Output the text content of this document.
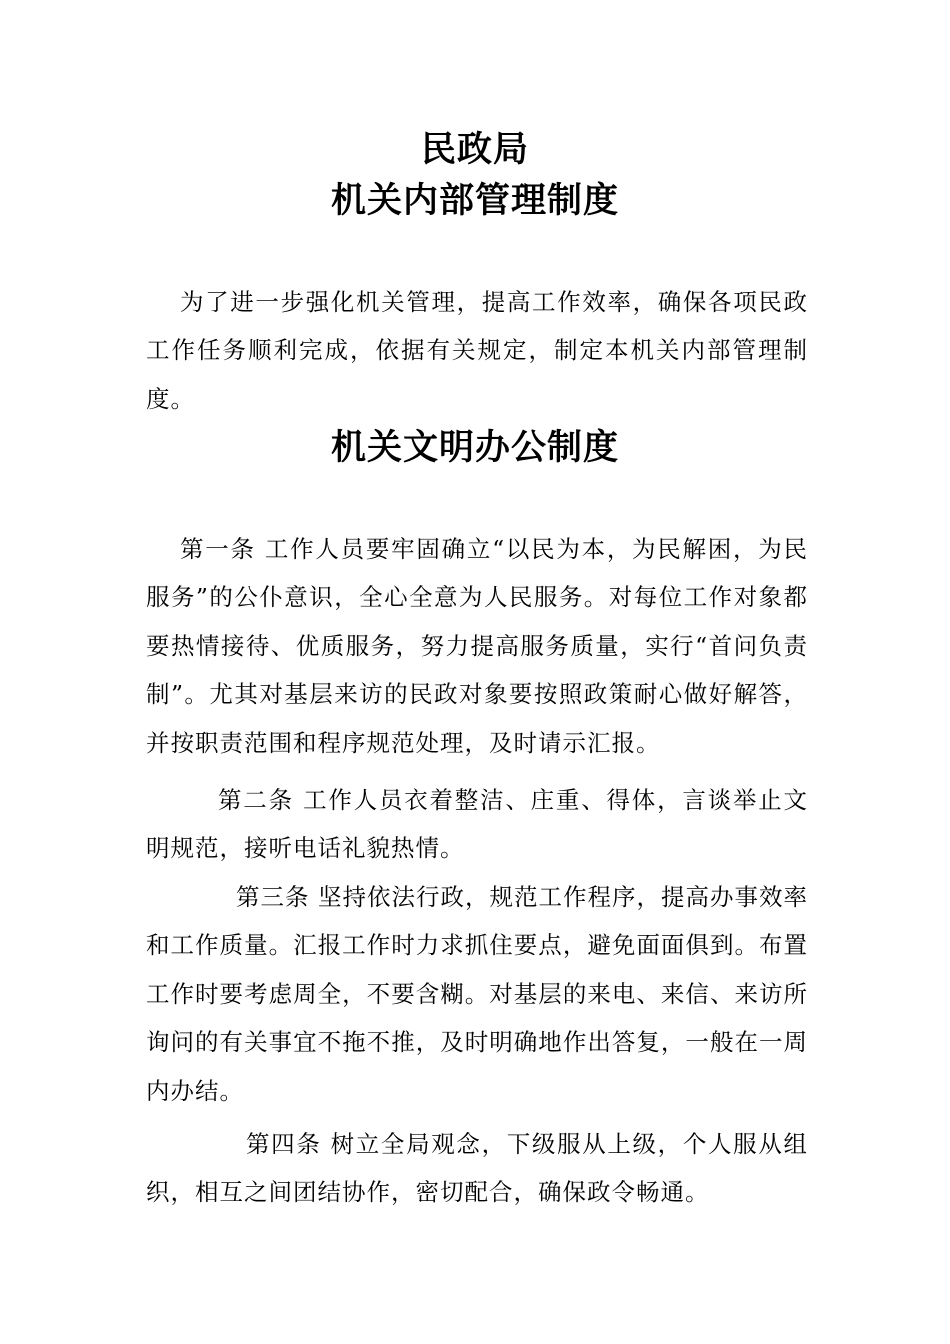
民政局
机关内部管理制度
为了进一步强化机关管理，提高工作效率，确保各项民政工作任务顺利完成，依据有关规定，制定本机关内部管理制度。
机关文明办公制度
第一条 工作人员要牢固确立“以民为本，为民解困，为民服务”的公仆意识，全心全意为人民服务。对每位工作对象都要热情接待、优质服务，努力提高服务质量，实行“首问负责制”。尤其对基层来访的民政对象要按照政策耐心做好解答，并按职责范围和程序规范处理，及时请示汇报。
第二条 工作人员衣着整洁、庄重、得体，言谈举止文明规范，接听电话礼貌热情。
第三条 坚持依法行政，规范工作程序，提高办事效率和工作质量。汇报工作时力求抓住要点，避免面面俱到。布置工作时要考虑周全，不要含糊。对基层的来电、来信、来访所询问的有关事宜不拖不推，及时明确地作出答复，一般在一周内办结。
第四条 树立全局观念，下级服从上级，个人服从组织，相互之间团结协作，密切配合，确保政令畅通。
